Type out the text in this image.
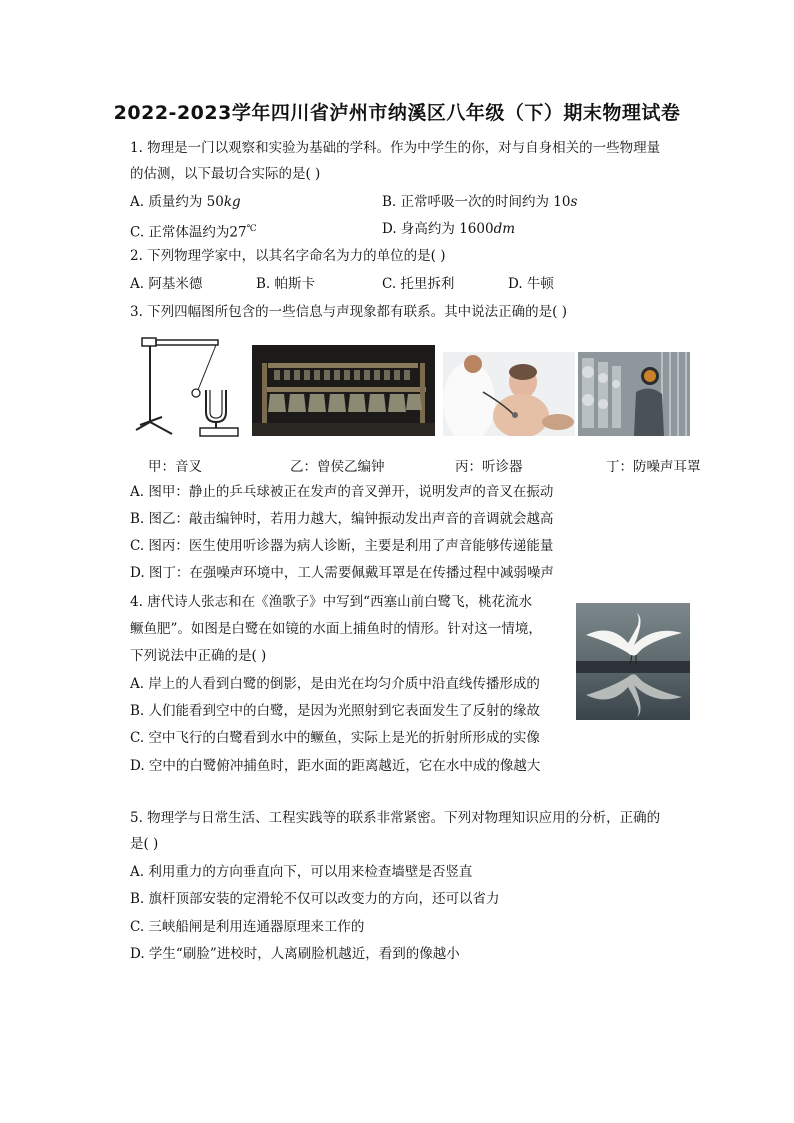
2022-2023学年四川省泸州市纳溪区八年级（下）期末物理试卷
1. 物理是一门以观察和实验为基础的学科。作为中学生的你，对与自身相关的一些物理量
的估测，以下最切合实际的是( )
A. 质量约为 50kg	B. 正常呼吸一次的时间约为 10s
C. 正常体温约为27℃	D. 身高约为 1600dm
2. 下列物理学家中，以其名字命名为力的单位的是( )
A. 阿基米德	B. 帕斯卡	C. 托里拆利	D. 牛顿
3. 下列四幅图所包含的一些信息与声现象都有联系。其中说法正确的是( )
甲：音叉	乙：曾侯乙编钟	丙：听诊器	丁：防噪声耳罩
A. 图甲：静止的乒乓球被正在发声的音叉弹开，说明发声的音叉在振动
B. 图乙：敲击编钟时，若用力越大，编钟振动发出声音的音调就会越高
C. 图丙：医生使用听诊器为病人诊断，主要是利用了声音能够传递能量
D. 图丁：在强噪声环境中，工人需要佩戴耳罩是在传播过程中减弱噪声
4. 唐代诗人张志和在《渔歌子》中写到“西塞山前白鹭飞，桃花流水
鳜鱼肥”。如图是白鹭在如镜的水面上捕鱼时的情形。针对这一情境，
下列说法中正确的是( )
A. 岸上的人看到白鹭的倒影，是由光在均匀介质中沿直线传播形成的
B. 人们能看到空中的白鹭，是因为光照射到它表面发生了反射的缘故
C. 空中飞行的白鹭看到水中的鳜鱼，实际上是光的折射所形成的实像
D. 空中的白鹭俯冲捕鱼时，距水面的距离越近，它在水中成的像越大
5. 物理学与日常生活、工程实践等的联系非常紧密。下列对物理知识应用的分析，正确的
是( )
A. 利用重力的方向垂直向下，可以用来检查墙壁是否竖直
B. 旗杆顶部安装的定滑轮不仅可以改变力的方向，还可以省力
C. 三峡船闸是利用连通器原理来工作的
D. 学生“刷脸”进校时，人离刷脸机越近，看到的像越小
